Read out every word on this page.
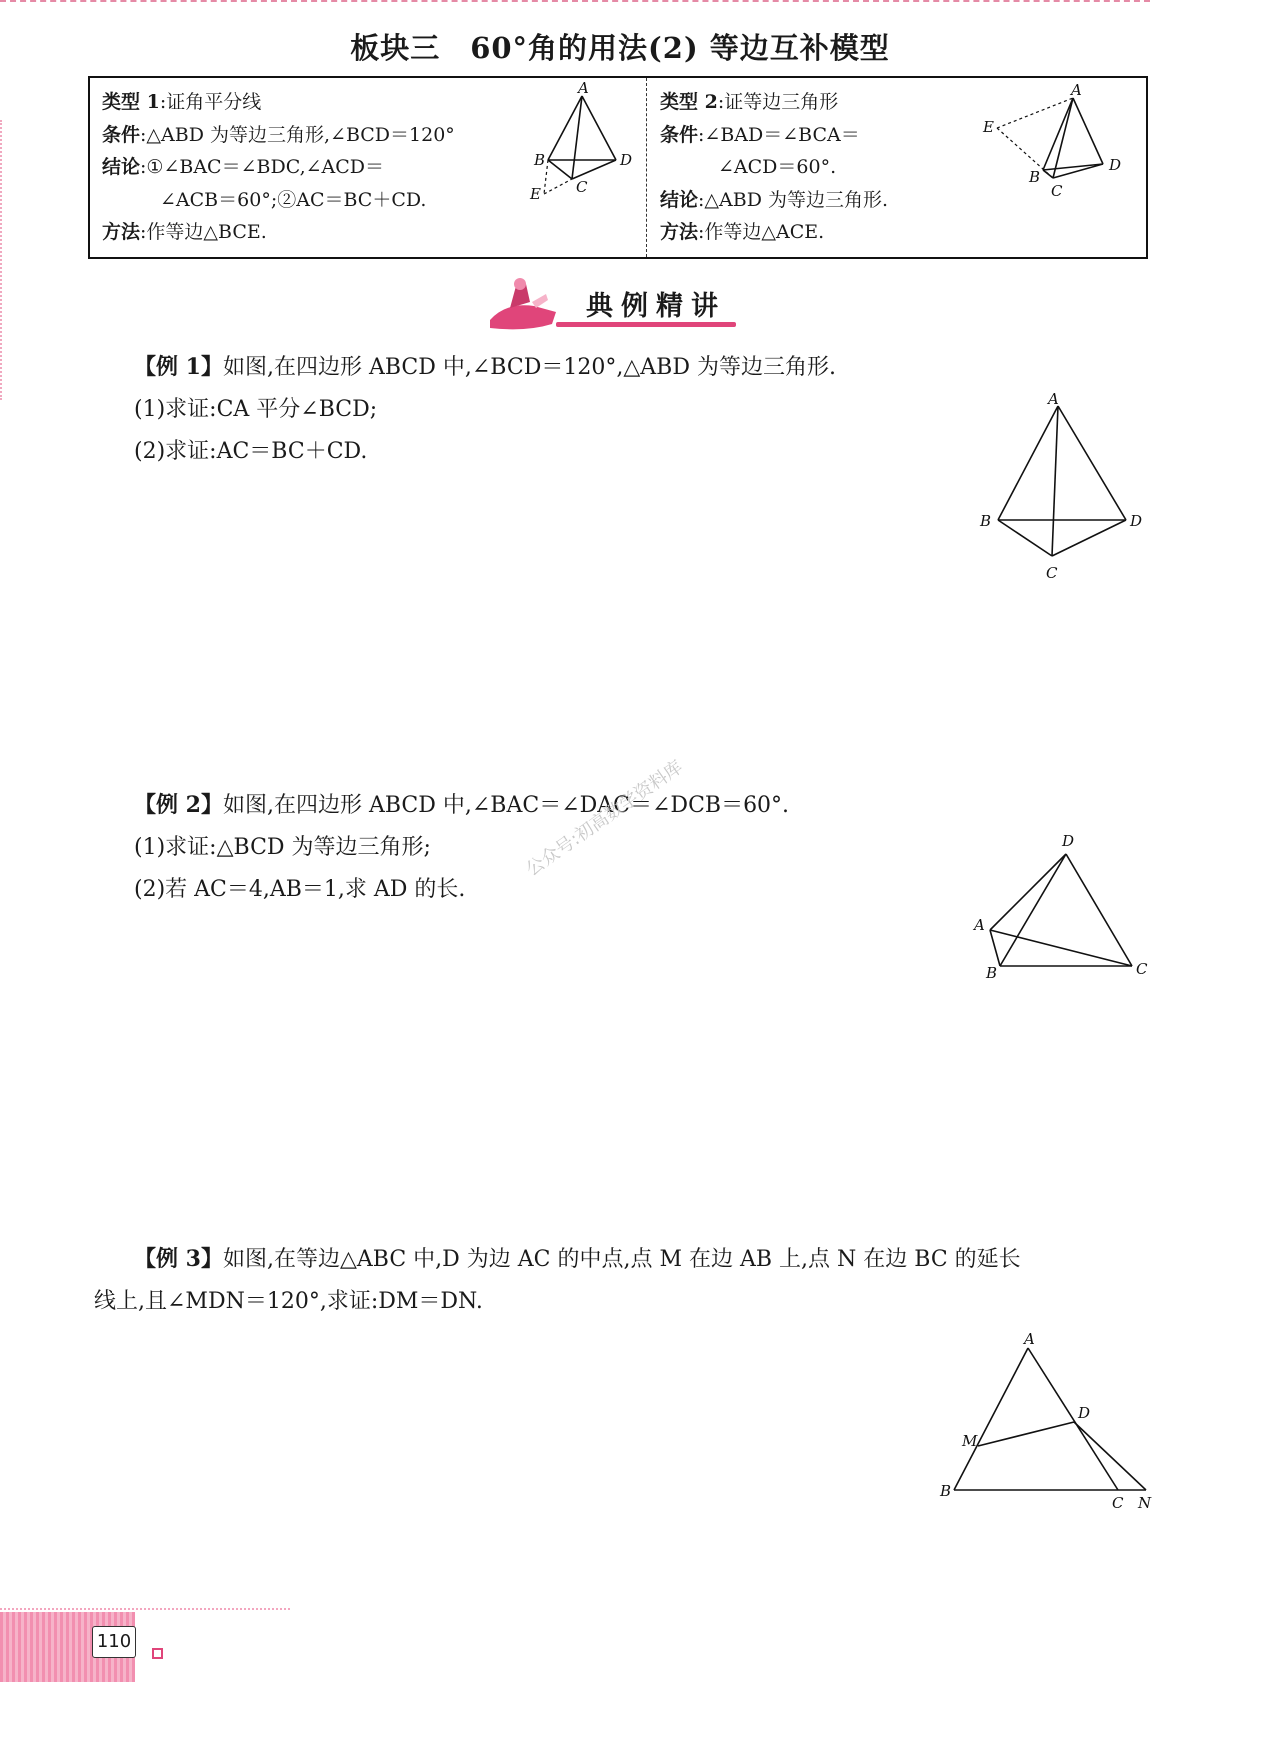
板块三　60°角的用法(2) 等边互补模型
类型 1:证角平分线
条件:△ABD 为等边三角形,∠BCD＝120°
结论:①∠BAC＝∠BDC,∠ACD＝
∠ACB＝60°;②AC＝BC＋CD.
方法:作等边△BCE.
A
B	D
C
E
类型 2:证等边三角形
条件:∠BAD＝∠BCA＝
∠ACD＝60°.
结论:△ABD 为等边三角形.
方法:作等边△ACE.
A
E
B
C
D
典例精讲
【例 1】如图,在四边形 ABCD 中,∠BCD＝120°,△ABD 为等边三角形.
(1)求证:CA 平分∠BCD;
(2)求证:AC＝BC＋CD.
A
B	D
C
【例 2】如图,在四边形 ABCD 中,∠BAC＝∠DAC＝∠DCB＝60°.
(1)求证:△BCD 为等边三角形;
(2)若 AC＝4,AB＝1,求 AD 的长.
公众号:初高数学资料库	D
A
B	C
【例 3】如图,在等边△ABC 中,D 为边 AC 的中点,点 M 在边 AB 上,点 N 在边 BC 的延长
线上,且∠MDN＝120°,求证:DM＝DN.
A
D
M
B
C N
110
